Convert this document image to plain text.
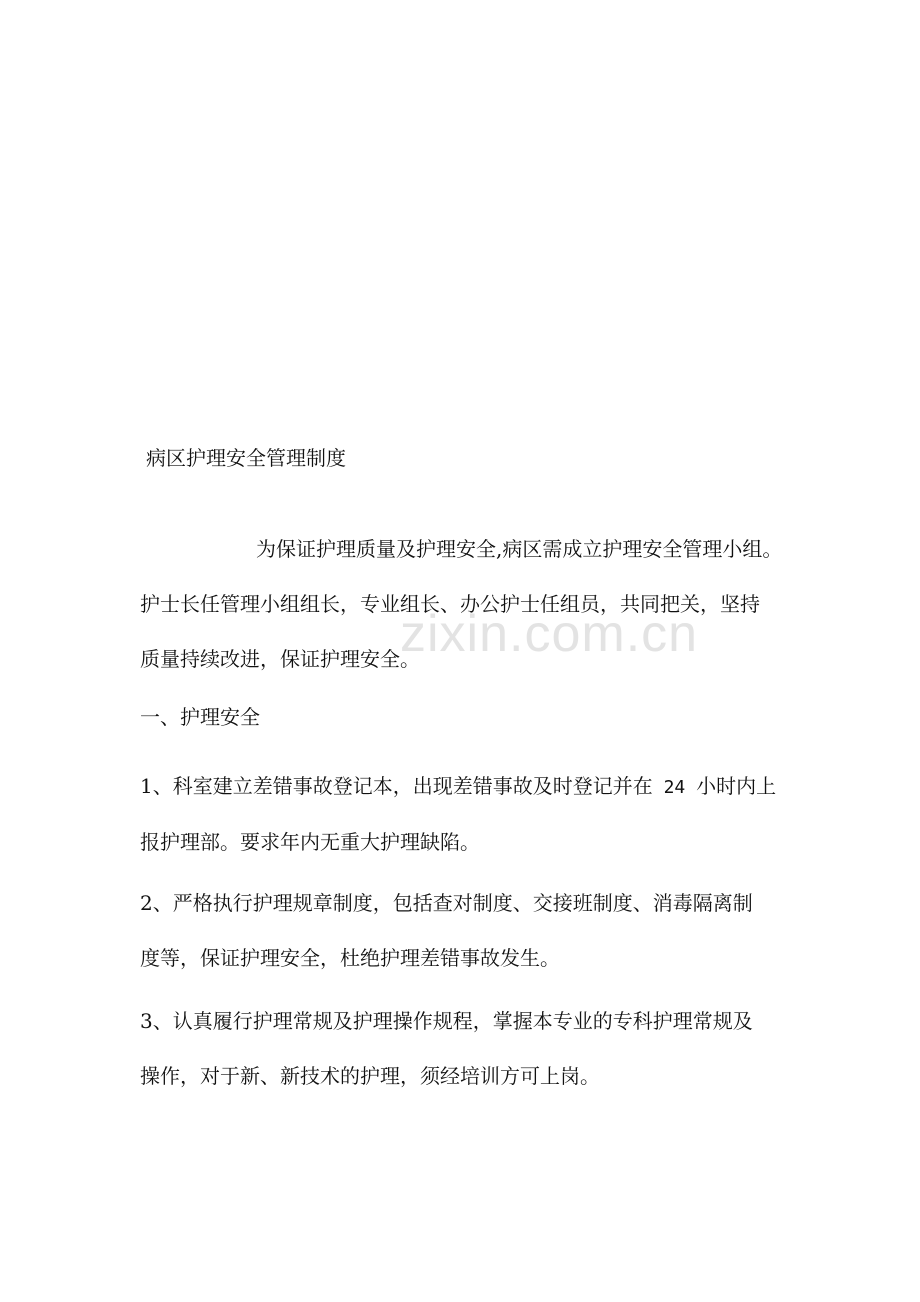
zixin.com.cn
病区护理安全管理制度
为保证护理质量及护理安全,病区需成立护理安全管理小组。
护士长任管理小组组长，专业组长、办公护士任组员，共同把关，坚持
质量持续改进，保证护理安全。
一、护理安全
1、科室建立差错事故登记本，出现差错事故及时登记并在 24 小时内上
报护理部。要求年内无重大护理缺陷。
2、严格执行护理规章制度，包括查对制度、交接班制度、消毒隔离制
度等，保证护理安全，杜绝护理差错事故发生。
3、认真履行护理常规及护理操作规程，掌握本专业的专科护理常规及
操作，对于新、新技术的护理，须经培训方可上岗。
